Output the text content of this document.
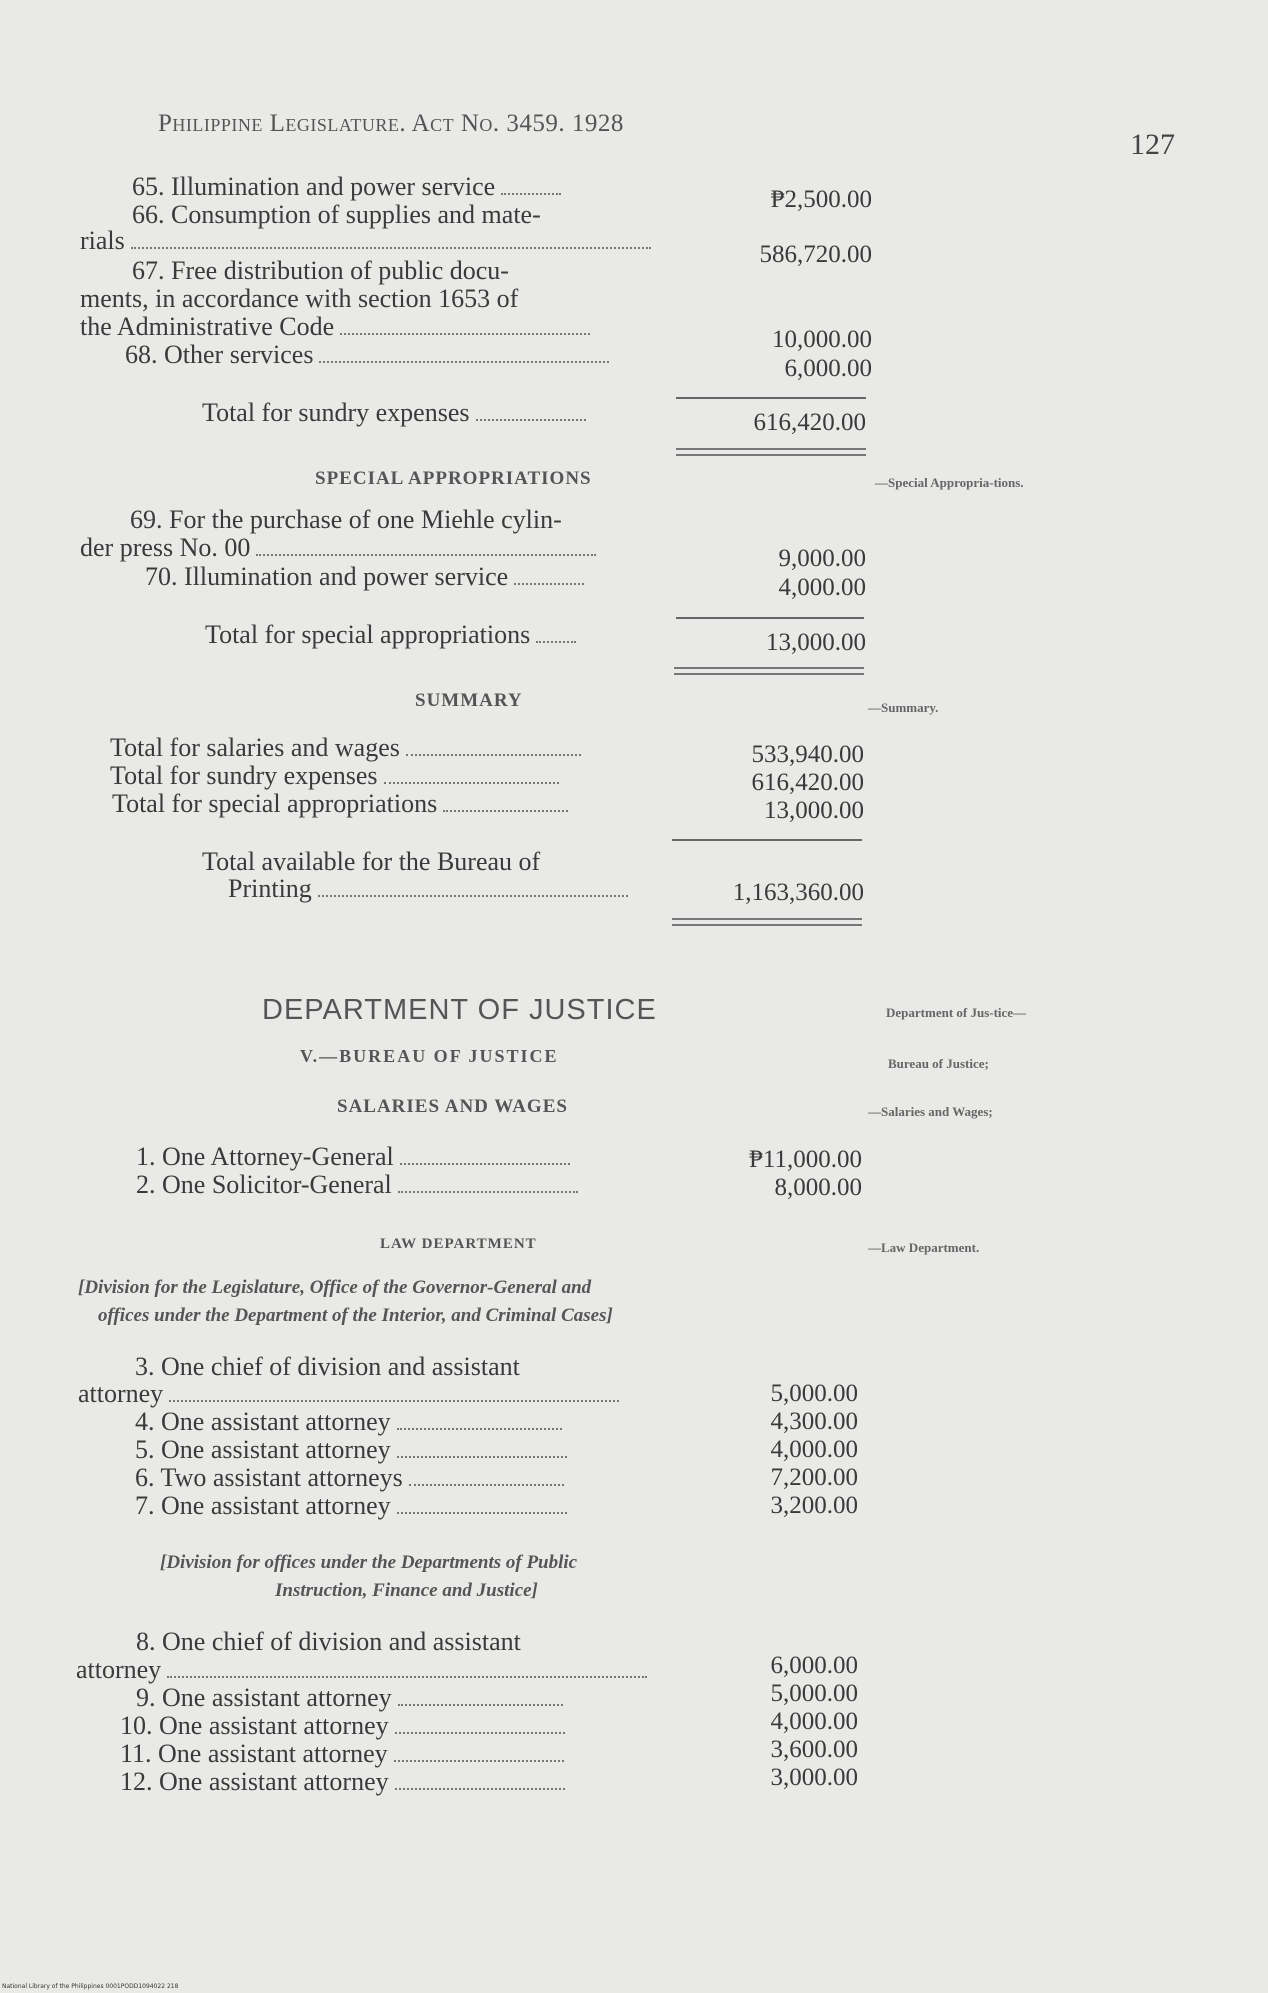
Philippine Legislature. Act No. 3459. 1928
127
65. Illumination and power service	₱2,500.00
66. Consumption of supplies and mate-
rials	586,720.00
67. Free distribution of public docu-
ments, in accordance with section 1653 of
the Administrative Code	10,000.00
68. Other services	6,000.00
Total for sundry expenses	616,420.00
SPECIAL APPROPRIATIONS	—Special Appropria-tions.
69. For the purchase of one Miehle cylin-
der press No. 00	9,000.00
70. Illumination and power service	4,000.00
Total for special appropriations	13,000.00
SUMMARY	—Summary.
Total for salaries and wages	533,940.00
Total for sundry expenses	616,420.00
Total for special appropriations	13,000.00
Total available for the Bureau of
Printing	1,163,360.00
DEPARTMENT OF JUSTICE	Department of Jus-tice—
V.—BUREAU OF JUSTICE	Bureau of Justice;
SALARIES AND WAGES	—Salaries and Wages;
1. One Attorney-General	₱11,000.00
2. One Solicitor-General	8,000.00
LAW DEPARTMENT	—Law Department.
[Division for the Legislature, Office of the Governor-General and
offices under the Department of the Interior, and Criminal Cases]
3. One chief of division and assistant
attorney	5,000.00
4. One assistant attorney	4,300.00
5. One assistant attorney	4,000.00
6. Two assistant attorneys	7,200.00
7. One assistant attorney	3,200.00
[Division for offices under the Departments of Public
Instruction, Finance and Justice]
8. One chief of division and assistant
attorney	6,000.00
9. One assistant attorney	5,000.00
10. One assistant attorney	4,000.00
11. One assistant attorney	3,600.00
12. One assistant attorney	3,000.00
National Library of the Philippines 0001PODD1094022 218
